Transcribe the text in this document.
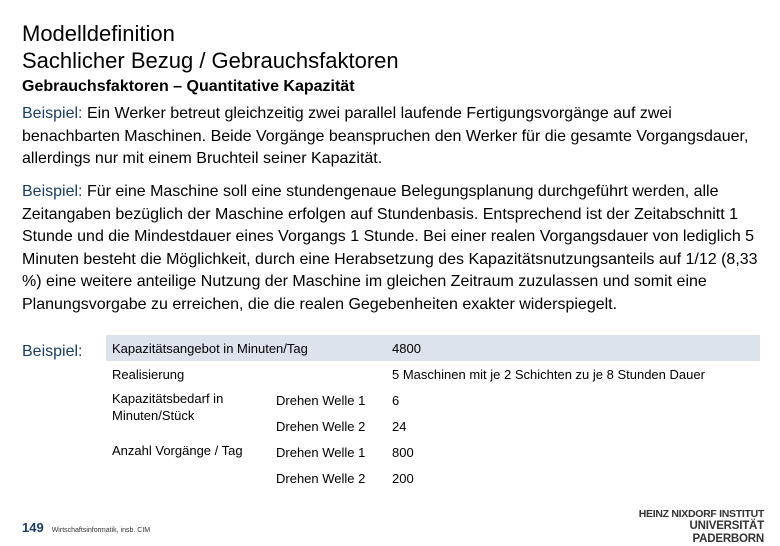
Modelldefinition
Sachlicher Bezug / Gebrauchsfaktoren
Gebrauchsfaktoren – Quantitative Kapazität

Beispiel: Ein Werker betreut gleichzeitig zwei parallel laufende Fertigungsvorgänge auf zwei benachbarten Maschinen. Beide Vorgänge beanspruchen den Werker für die gesamte Vorgangsdauer, allerdings nur mit einem Bruchteil seiner Kapazität.

Beispiel: Für eine Maschine soll eine stundengenaue Belegungsplanung durchgeführt werden, alle Zeitangaben bezüglich der Maschine erfolgen auf Stundenbasis. Entsprechend ist der Zeitabschnitt 1 Stunde und die Mindestdauer eines Vorgangs 1 Stunde. Bei einer realen Vorgangsdauer von lediglich 5 Minuten besteht die Möglichkeit, durch eine Herabsetzung des Kapazitätsnutzungsanteils auf 1/12 (8,33 %) eine weitere anteilige Nutzung der Maschine im gleichen Zeitraum zuzulassen und somit eine Planungsvorgabe zu erreichen, die die realen Gegebenheiten exakter widerspiegelt.

Beispiel: Kapazitätsangebot in Minuten/Tag		4800
Realisierung		5 Maschinen mit je 2 Schichten zu je 8 Stunden Dauer
Kapazitätsbedarf in Minuten/Stück	Drehen Welle 1	6
	Drehen Welle 2	24
Anzahl Vorgänge / Tag	Drehen Welle 1	800
	Drehen Welle 2	200
149 Wirtschaftsinformatik, insb. CIM
HEINZ NIXDORF INSTITUT
UNIVERSITÄT PADERBORN
